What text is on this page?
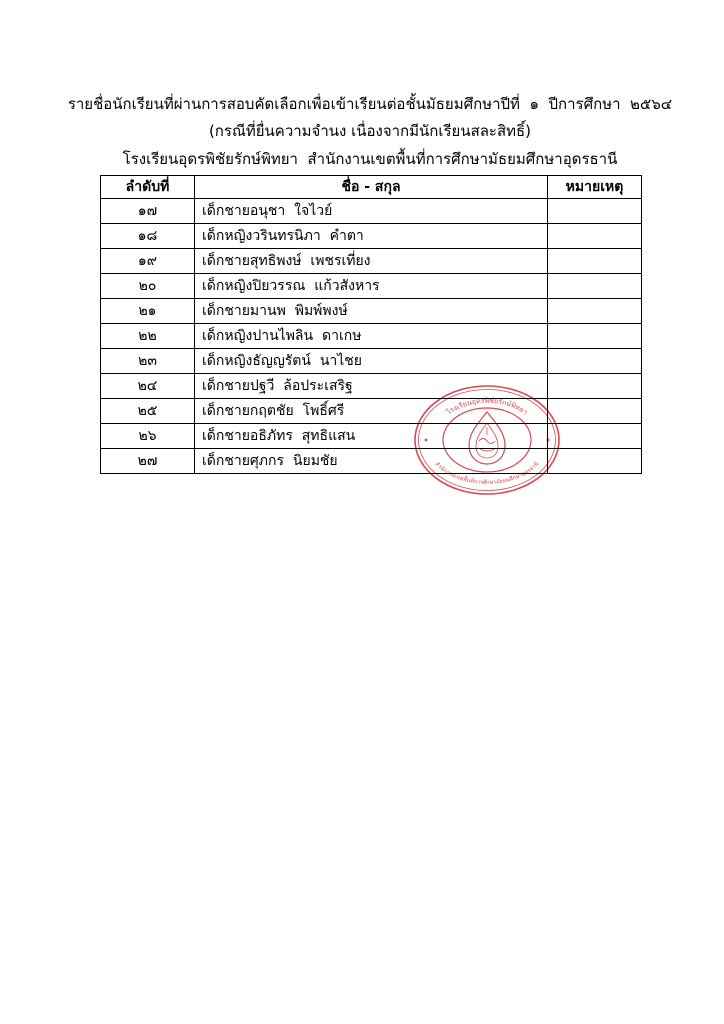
รายชื่อนักเรียนที่ผ่านการสอบคัดเลือกเพื่อเข้าเรียนต่อชั้นมัธยมศึกษาปีที่  ๑  ปีการศึกษา  ๒๕๖๔
(กรณีที่ยื่นความจำนง เนื่องจากมีนักเรียนสละสิทธิ์)
โรงเรียนอุดรพิชัยรักษ์พิทยา  สำนักงานเขตพื้นที่การศึกษามัธยมศึกษาอุดรธานี
ลำดับที่	ชื่อ - สกุล	หมายเหตุ
๑๗	เด็กชายอนุชา  ใจไวย์	
๑๘	เด็กหญิงวรินทรนิภา  คำตา	
๑๙	เด็กชายสุทธิพงษ์  เพชรเที่ยง	
๒๐	เด็กหญิงปิยวรรณ  แก้วสังหาร	
๒๑	เด็กชายมานพ  พิมพ์พงษ์	
๒๒	เด็กหญิงปานไพลิน  ดาเกษ	
๒๓	เด็กหญิงธัญญรัตน์  นาไชย	
๒๔	เด็กชายปฐวี  ล้อประเสริฐ	
๒๕	เด็กชายกฤตชัย  โพธิ์ศรี	
๒๖	เด็กชายอธิภัทร  สุทธิแสน	
๒๗	เด็กชายศุภกร  นิยมชัย	
โรงเรียนอุดรพิชัยรักษ์พิทยา
สำนักงานเขตพื้นที่การศึกษามัธยมศึกษาอุดรธานี
